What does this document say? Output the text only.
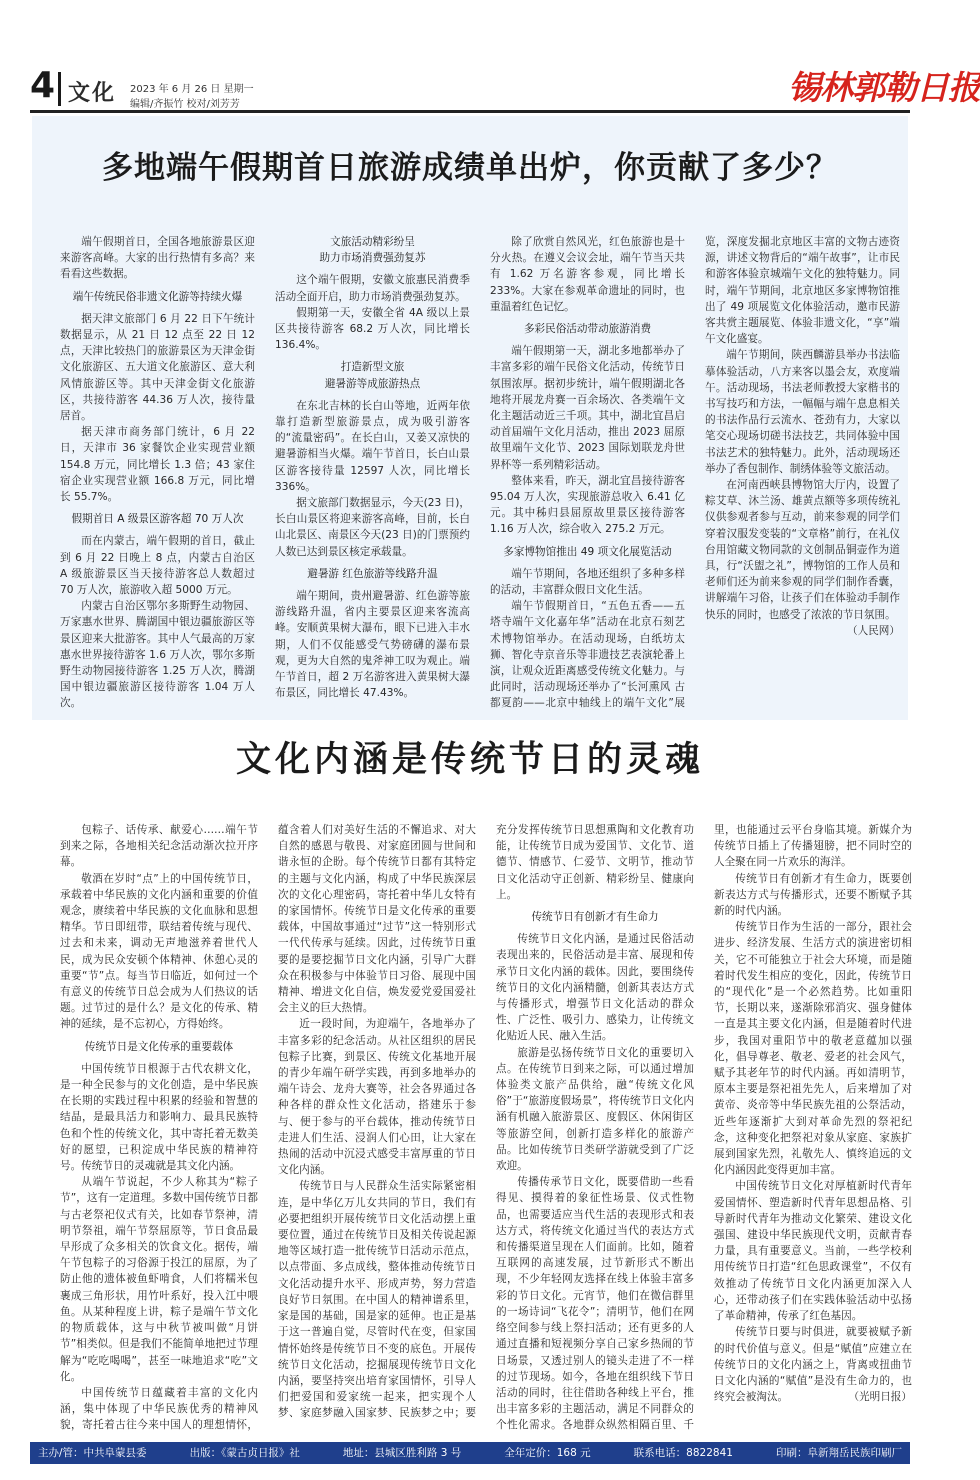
4 文化 2023 年 6 月 26 日 星期一
编辑/齐振竹 校对/刘芳芳	锡林郭勒日报
多地端午假期首日旅游成绩单出炉，你贡献了多少？

端午假期首日，全国各地旅游景区迎来游客高峰。大家的出行热情有多高？来看看这些数据。

端午传统民俗非遗文化游等持续火爆

据天津文旅部门 6 月 22 日下午统计数据显示，从 21 日 12 点至 22 日 12 点，天津比较热门的旅游景区为天津金街文化旅游区、五大道文化旅游区、意大利风情旅游区等。其中天津金街文化旅游区，共接待游客 44.36 万人次，接待量居首。

据天津市商务部门统计，6 月 22 日，天津市 36 家餐饮企业实现营业额 154.8 万元，同比增长 1.3 倍；43 家住宿企业实现营业额 166.8 万元，同比增长 55.7%。

假期首日 A 级景区游客超 70 万人次

而在内蒙古，端午假期的首日，截止到 6 月 22 日晚上 8 点，内蒙古自治区 A 级旅游景区当天接待游客总人数超过 70 万人次，旅游收入超 5000 万元。

内蒙古自治区鄂尔多斯野生动物园、万家惠水世界、腾湖国中银边疆旅游区等景区迎来大批游客。其中人气最高的万家惠水世界接待游客 1.6 万人次，鄂尔多斯野生动物园接待游客 1.25 万人次，腾湖国中银边疆旅游区接待游客 1.04 万人次。

文旅活动精彩纷呈
助力市场消费强劲复苏

这个端午假期，安徽文旅惠民消费季活动全面开启，助力市场消费强劲复苏。

假期第一天，安徽全省 4A 级以上景区共接待游客 68.2 万人次，同比增长 136.4%。

打造新型文旅
避暑游等成旅游热点

在东北吉林的长白山等地，近两年依靠打造新型旅游景点，成为吸引游客的“流量密码”。在长白山，又姜又凉快的避暑游相当火爆。端午节首日，长白山景区游客接待量 12597 人次，同比增长 336%。

据文旅部门数据显示，今天(23 日)，长白山景区将迎来游客高峰，目前，长白山北景区、南景区今天(23 日)的门票预约人数已达到景区核定承载量。

避暑游 红色旅游等线路升温

端午期间，贵州避暑游、红色游等旅游线路升温，省内主要景区迎来客流高峰。安顺黄果树大瀑布，眼下已进入丰水期，人们不仅能感受气势磅礴的瀑布景观，更为大自然的鬼斧神工叹为观止。端午节首日，超 2 万名游客进入黄果树大瀑布景区，同比增长 47.43%。

除了欣赏自然风光，红色旅游也是十分火热。在遵义会议会址，端午节当天共有 1.62 万名游客参观，同比增长 233%。大家在参观革命遗址的同时，也重温着红色记忆。

多彩民俗活动带动旅游消费

端午假期第一天，湖北多地都举办了丰富多彩的端午民俗文化活动，传统节日氛围浓厚。据初步统计，端午假期湖北各地将开展龙舟赛一百余场次、各类端午文化主题活动近三千项。其中，湖北宜昌启动首届端午文化月活动，推出 2023 屈原故里端午文化节、2023 国际划联龙舟世界杯等一系列精彩活动。

整体来看，昨天，湖北宜昌接待游客 95.04 万人次，实现旅游总收入 6.41 亿元。其中秭归县屈原故里景区接待游客 1.16 万人次，综合收入 275.2 万元。

多家博物馆推出 49 项文化展览活动

端午节期间，各地还组织了多种多样的活动，丰富群众假日文化生活。

端午节假期首日，“五色五香——五塔寺端午文化嘉年华”活动在北京石刻艺术博物馆举办。在活动现场，白纸坊太狮、智化寺京音乐等非遗技艺表演轮番上演，让观众近距离感受传统文化魅力。与此同时，活动现场还举办了“长河熏风 古都夏韵——北京中轴线上的端午文化”展览，深度发掘北京地区丰富的文物古迹资源，讲述文物背后的“端午故事”，让市民和游客体验京城端午文化的独特魅力。同时，端午节期间，北京地区多家博物馆推出了 49 项展览文化体验活动，邀市民游客共赏主题展览、体验非遗文化，“享”端午文化盛宴。

端午节期间，陕西麟游县举办书法临摹体验活动，八方来客以墨会友，欢度端午。活动现场，书法老师教授大家楷书的书写技巧和方法，一幅幅与端午息息相关的书法作品行云流水、苍劲有力，大家以笔交心现场切磋书法技艺，共同体验中国书法艺术的独特魅力。此外，活动现场还举办了香包制作、制绣体验等文旅活动。

在河南西峡县博物馆大厅内，设置了粽艾草、沐兰汤、雄黄点额等多项传统礼仪供参观者参与互动，前来参观的同学们穿着汉服发变装的“文章格”前行，在礼仪台用馆藏文物同款的文创制品铜壶作为道具，行“沃盥之礼”，博物馆的工作人员和老师们还为前来参观的同学们制作香囊，讲解端午习俗，让孩子们在体验动手制作快乐的同时，也感受了浓浓的节日氛围。
（人民网）

文化内涵是传统节日的灵魂

包粽子、话传承、献爱心……端午节到来之际，各地相关纪念活动渐次拉开序幕。

敬酒在岁时“点”上的中国传统节日，承载着中华民族的文化内涵和重要的价值观念，赓续着中华民族的文化血脉和思想精华。节日即纽带，联结着传统与现代、过去和未来，调动无声地滋养着世代人民，成为民众安顿个体精神、休憩心灵的重要“节”点。每当节日临近，如何过一个有意义的传统节日总会成为人们热议的话题。过节过的是什么？是文化的传承、精神的延续，是不忘初心，方得始终。

传统节日是文化传承的重要载体

中国传统节日根源于古代农耕文化，是一种全民参与的文化创造，是中华民族在长期的实践过程中积累的经验和智慧的结晶，是最具活力和影响力、最具民族特色和个性的传统文化，其中寄托着无数美好的愿望，已积淀成中华民族的精神符号。传统节日的灵魂就是其文化内涵。

从端午节说起，不少人称其为“粽子节”，这有一定道理。多数中国传统节日都与古老祭祀仪式有关，比如春节祭神，清明节祭祖，端午节祭屈原等，节日食品最早形成了众多相关的饮食文化。据传，端午节包粽子的习俗源于投江的屈原，为了防止他的遗体被鱼虾啃食，人们将糯米包裹成三角形状，用竹叶系好，投入江中喂鱼。从某种程度上讲，粽子是端午节文化的物质载体，这与中秋节被叫做“月饼节”相类似。但是我们不能简单地把过节理解为“吃吃喝喝”，甚至一味地追求“吃”文化。

中国传统节日蕴藏着丰富的文化内涵，集中体现了中华民族优秀的精神风貌，寄托着古往今来中国人的理想情怀，蕴含着人们对美好生活的不懈追求、对大自然的感恩与敬畏、对家庭团圆与世间和谐永恒的企盼。每个传统节日都有其特定的主题与文化内涵，构成了中华民族深层次的文化心理密码，寄托着中华儿女特有的家国情怀。传统节日是文化传承的重要载体，中国故事通过“过节”这一特别形式一代代传承与延续。因此，过传统节日重要的是要挖掘节日文化内涵，引导广大群众在积极参与中体验节日习俗、展现中国精神、增进文化自信，焕发爱党爱国爱社会主义的巨大热情。

近一段时间，为迎端午，各地举办了丰富多彩的纪念活动。从社区组织的居民包粽子比赛，到景区、传统文化基地开展的青少年端午研学实践，再到多地举办的端午诗会、龙舟大赛等，社会各界通过各种各样的群众性文化活动，搭建乐于参与、便于参与的平台载体，推动传统节日走进人们生活、浸润人们心田，让大家在热闹的活动中沉浸式感受丰富厚重的节日文化内涵。

传统节日与人民群众生活实际紧密相连，是中华亿万儿女共同的节日，我们有必要把组织开展传统节日文化活动摆上重要位置，通过在传统节日及相关传说起源地等区域打造一批传统节日活动示范点，以点带面、多点成线，整体推动传统节日文化活动提升水平、形成声势，努力营造良好节日氛围。在中国人的精神谱系里，家是国的基础，国是家的延伸。也正是基于这一普遍自觉，尽管时代在变，但家国情怀始终是传统节日不变的底色。开展传统节日文化活动，挖掘展现传统节日文化内涵，要坚持突出培育家国情怀，引导人们把爱国和爱家统一起来，把实现个人梦、家庭梦融入国家梦、民族梦之中；要充分发挥传统节日思想熏陶和文化教育功能，让传统节日成为爱国节、文化节、道德节、情感节、仁爱节、文明节，推动节日文化活动守正创新、精彩纷呈、健康向上。

传统节日有创新才有生命力

传统节日文化内涵，是通过民俗活动表现出来的，民俗活动是丰富、展现和传承节日文化内涵的载体。因此，要围绕传统节日的文化内涵精髓，创新其表达方式与传播形式，增强节日文化活动的群众性、广泛性、吸引力、感染力，让传统文化贴近人民、融入生活。

旅游是弘扬传统节日文化的重要切入点。在传统节日到来之际，可以通过增加体验类文旅产品供给，融“传统文化风俗”于“旅游度假场景”，将传统节日文化内涵有机融入旅游景区、度假区、休闲街区等旅游空间，创新打造多样化的旅游产品。比如传统节日类研学游就受到了广泛欢迎。

传播传承节日文化，既要借助一些看得见、摸得着的象征性场景、仪式性物品，也需要适应当代生活的表现形式和表达方式，将传统文化通过当代的表达方式和传播渠道呈现在人们面前。比如，随着互联网的高速发展，过节新形式不断出现，不少年轻网友选择在线上体验丰富多彩的节日文化。元宵节，他们在微信群里的一场诗词“飞花令”；清明节，他们在网络空间参与线上祭扫活动；还有更多的人通过直播和短视频分享自己家乡热闹的节日场景，又透过别人的镜头走进了不一样的过节现场。如今，各地在组织线下节日活动的同时，往往借助各种线上平台，推出丰富多彩的主题活动，满足不同群众的个性化需求。各地群众纵然相隔百里、千里，也能通过云平台身临其境。新媒介为传统节日插上了传播翅膀，把不同时空的人全聚在同一片欢乐的海洋。

传统节日有创新才有生命力，既要创新表达方式与传播形式，还要不断赋予其新的时代内涵。

传统节日作为生活的一部分，跟社会进步、经济发展、生活方式的演进密切相关，它不可能独立于社会大环境，而是随着时代发生相应的变化，因此，传统节日的“现代化”是一个必然趋势。比如重阳节，长期以来，遂渐除邪消灾、强身健体一直是其主要文化内涵，但是随着时代进步，我国对重阳节中的敬老意蕴加以强化，倡导尊老、敬老、爱老的社会风气，赋予其老年节的时代内涵。再如清明节，原本主要是祭祀祖先先人，后来增加了对黄帝、炎帝等中华民族先祖的公祭活动，近些年逐渐扩大到对革命先烈的祭祀纪念，这种变化把祭祀对象从家庭、家族扩展到国家先烈，礼敬先人、慎终追远的文化内涵因此变得更加丰富。

中国传统节日文化对厚植新时代青年爱国情怀、塑造新时代青年思想品格、引导新时代青年为推动文化繁荣、建设文化强国、建设中华民族现代文明，贡献青春力量，具有重要意义。当前，一些学校利用传统节日打造“红色思政课堂”，不仅有效推动了传统节日文化内涵更加深入人心，还带动孩子们在实践体验活动中弘扬了革命精神，传承了红色基因。

传统节日要与时俱进，就要被赋予新的时代价值与意义。但是“赋值”应建立在传统节日的文化内涵之上，背离或扭曲节日文化内涵的“赋值”是没有生命力的，也终究会被淘汰。	（光明日报）

主办/管：中共阜蒙县委	出版：《蒙古贞日报》社	地址：县城区胜利路 3 号	全年定价：168 元	联系电话：8822841	印刷：阜新翔岳民族印刷厂
